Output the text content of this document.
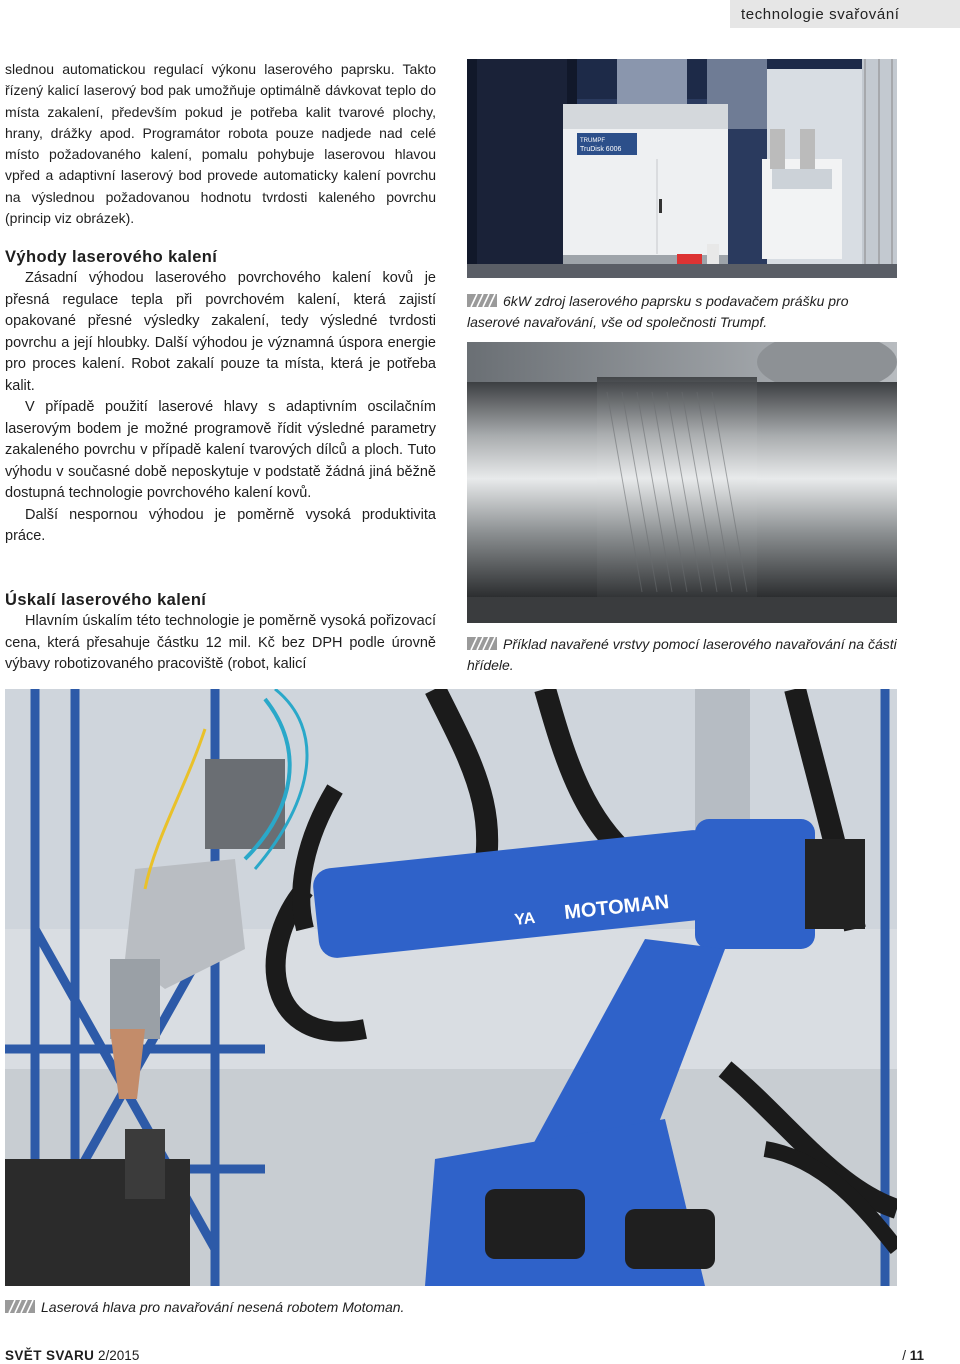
technologie svařování

slednou automatickou regulací výkonu laserového paprsku. Takto řízený kalicí laserový bod pak umožňuje optimálně dávkovat teplo do místa zakalení, především pokud je potřeba kalit tvarové plochy, hrany, drážky apod. Programátor robota pouze nadjede nad celé místo požadovaného kalení, pomalu pohybuje laserovou hlavou vpřed a adaptivní laserový bod provede automaticky kalení povrchu na výslednou požadovanou hodnotu tvrdosti kaleného povrchu (princip viz obrázek).

Výhody laserového kalení

Zásadní výhodou laserového povrchového kalení kovů je přesná regulace tepla při povrchovém kalení, která zajistí opakované přesné výsledky zakalení, tedy výsledné tvrdosti povrchu a její hloubky. Další výhodou je významná úspora energie pro proces kalení. Robot zakalí pouze ta místa, která je potřeba kalit.

V případě použití laserové hlavy s adaptivním oscilačním laserovým bodem je možné programově řídit výsledné parametry zakaleného povrchu v případě kalení tvarových dílců a ploch. Tuto výhodu v současné době neposkytuje v podstatě žádná jiná běžně dostupná technologie povrchového kalení kovů.

Další nespornou výhodou je poměrně vysoká produktivita práce.

Úskalí laserového kalení

Hlavním úskalím této technologie je poměrně vysoká pořizovací cena, která přesahuje částku 12 mil. Kč bez DPH podle úrovně výbavy robotizovaného pracoviště (robot, kalicí

TRUMPF
TruDisk 6006
6kW zdroj laserového paprsku s podavačem prášku pro laserové navařování, vše od společnosti Trumpf.
Příklad navařené vrstvy pomocí laserového navařování na části hřídele.
MOTOMAN
YA
Laserová hlava pro navařování nesená robotem Motoman.
SVĚT SVARU 2/2015	/ 11
